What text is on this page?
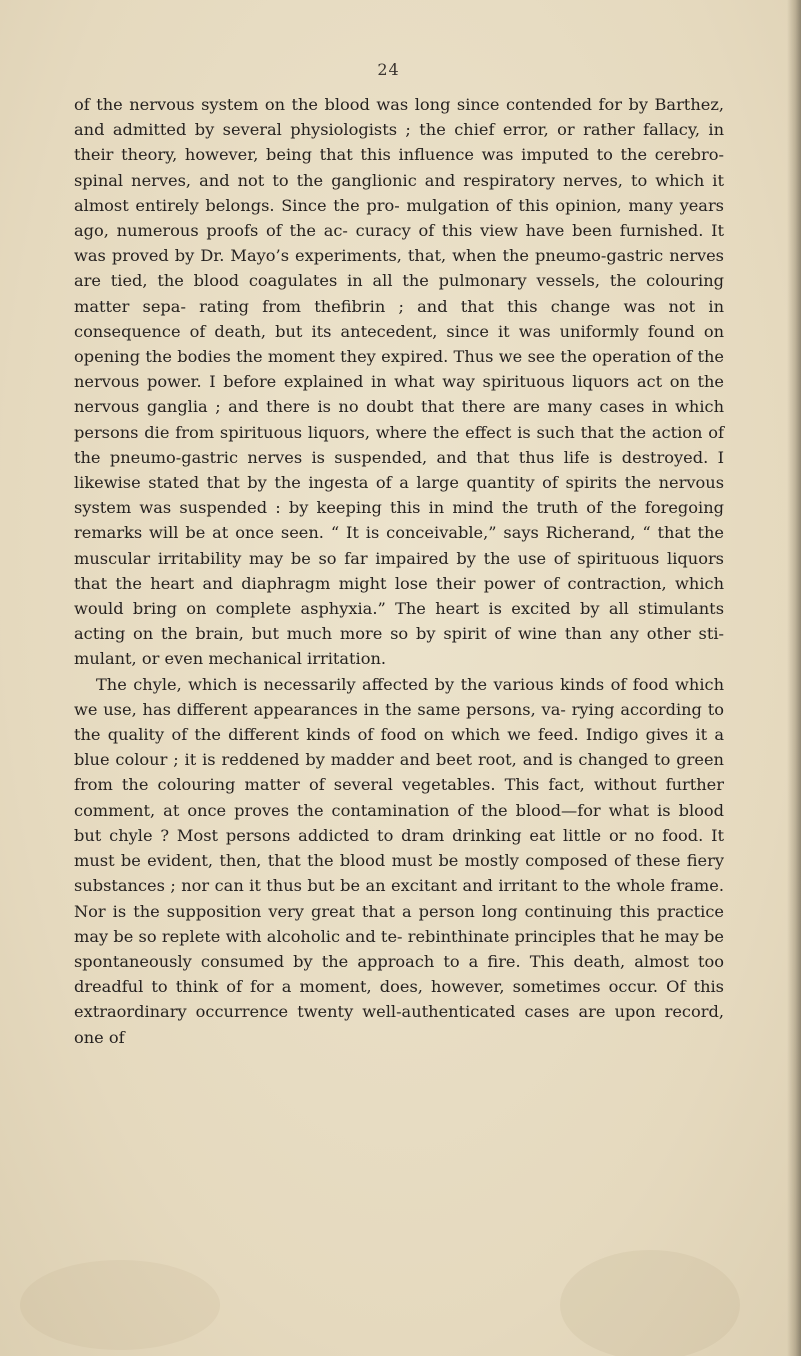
24

of the nervous system on the blood was long since contended for by Barthez, and admitted by several physiologists ; the chief error, or rather fallacy, in their theory, however, being that this influence was imputed to the cerebro-spinal nerves, and not to the ganglionic and respiratory nerves, to which it almost entirely belongs. Since the pro- mulgation of this opinion, many years ago, numerous proofs of the ac- curacy of this view have been furnished. It was proved by Dr. Mayo’s experiments, that, when the pneumo-gastric nerves are tied, the blood coagulates in all the pulmonary vessels, the colouring matter sepa- rating from thefibrin ; and that this change was not in consequence of death, but its antecedent, since it was uniformly found on opening the bodies the moment they expired. Thus we see the operation of the nervous power. I before explained in what way spirituous liquors act on the nervous ganglia ; and there is no doubt that there are many cases in which persons die from spirituous liquors, where the effect is such that the action of the pneumo-gastric nerves is suspended, and that thus life is destroyed. I likewise stated that by the ingesta of a large quantity of spirits the nervous system was suspended : by keeping this in mind the truth of the foregoing remarks will be at once seen. “ It is conceivable,” says Richerand, “ that the muscular irritability may be so far impaired by the use of spirituous liquors that the heart and diaphragm might lose their power of contraction, which would bring on complete asphyxia.” The heart is excited by all stimulants acting on the brain, but much more so by spirit of wine than any other sti- mulant, or even mechanical irritation.

The chyle, which is necessarily affected by the various kinds of food which we use, has different appearances in the same persons, va- rying according to the quality of the different kinds of food on which we feed. Indigo gives it a blue colour ; it is reddened by madder and beet root, and is changed to green from the colouring matter of several vegetables. This fact, without further comment, at once proves the contamination of the blood—for what is blood but chyle ? Most persons addicted to dram drinking eat little or no food. It must be evident, then, that the blood must be mostly composed of these fiery substances ; nor can it thus but be an excitant and irritant to the whole frame. Nor is the supposition very great that a person long continuing this practice may be so replete with alcoholic and te- rebinthinate principles that he may be spontaneously consumed by the approach to a fire. This death, almost too dreadful to think of for a moment, does, however, sometimes occur. Of this extraordinary occurrence twenty well-authenticated cases are upon record, one of
